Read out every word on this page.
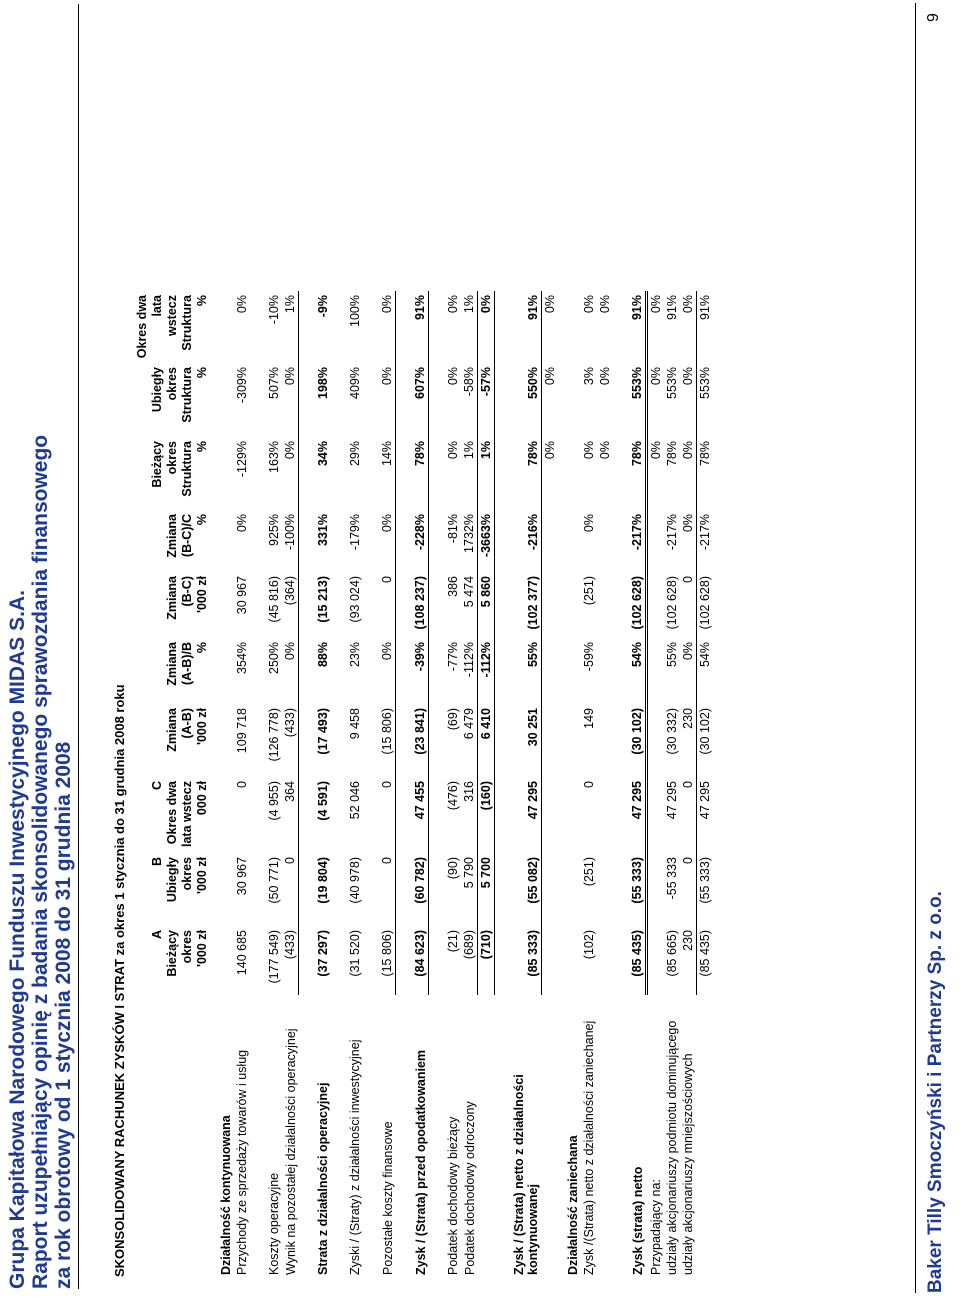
Grupa Kapitałowa Narodowego Funduszu Inwestycyjnego MIDAS S.A. Raport uzupełniający opinię z badania skonsolidowanego sprawozdania finansowego za rok obrotowy od 1 stycznia 2008 do 31 grudnia 2008	SKONSOLIDOWANY RACHUNEK ZYSKÓW I STRAT za okres 1 stycznia do 31 grudnia 2008 roku
	A
Bieżący
okres
'000 zł	B
Ubiegły
okres
'000 zł	C
Okres dwa
lata wstecz
000 zł	Zmiana
(A-B)
'000 zł	Zmiana
(A-B)/B
%	Zmiana
(B-C)
'000 zł	Zmiana
(B-C)/C
%	Bieżący
okres
Struktura
%	Ubiegły
okres
Struktura
%	Okres dwa
lata wstecz
Struktura
%
Działalność kontynuowana										
Przychody ze sprzedaży towarów i usług	140 685	30 967	0	109 718	354%	30 967	0%	-129%	-309%	0%

Koszty operacyjne	(177 549)	(50 771)	(4 955)	(126 778)	250%	(45 816)	925%	163%	507%	-10%
Wynik na pozostałej działalności operacyjnej	(433)	0	364	(433)	0%	(364)	-100%	0%	0%	1%

Strata z działalności operacyjnej	(37 297)	(19 804)	(4 591)	(17 493)	88%	(15 213)	331%	34%	198%	-9%

Zyski / (Straty) z działalności inwestycyjnej	(31 520)	(40 978)	52 046	9 458	23%	(93 024)	-179%	29%	409%	100%

Pozostałe koszty finansowe	(15 806)	0	0	(15 806)	0%	0	0%	14%	0%	0%

Zysk / (Strata) przed opodatkowaniem	(84 623)	(60 782)	47 455	(23 841)	-39%	(108 237)	-228%	78%	607%	91%

Podatek dochodowy bieżący	(21)	(90)	(476)	(69)	-77%	386	-81%	0%	0%	0%
Podatek dochodowy odroczony	(689)	5 790	316	6 479	-112%	5 474	1732%	1%	-58%	1%
	(710)	5 700	(160)	6 410	-112%	5 860	-3663%	1%	-57%	0%

Zysk / (Strata) netto z działalności kontynuowanej	(85 333)	(55 082)	47 295	30 251	55%	(102 377)	-216%	78%	550%	91%
								0%	0%	0%
Działalność zaniechana										
Zysk /(Strata) netto z działalności zaniechanej	(102)	(251)	0	149	-59%	(251)	0%	0%	3%	0%
								0%	0%	0%

Zysk (strata) netto	(85 435)	(55 333)	47 295	(30 102)	54%	(102 628)	-217%	78%	553%	91%
Przypadający na:								0%	0%	0%
udziały akcjonariuszy podmiotu dominującego	(85 665)	-55 333	47 295	(30 332)	55%	(102 628)	-217%	78%	553%	91%
udziały akcjonariuszy mniejszościowych	230	0	0	230	0%	0	0%	0%	0%	0%
	(85 435)	(55 333)	47 295	(30 102)	54%	(102 628)	-217%	78%	553%	91%
Baker Tilly Smoczyński i Partnerzy Sp. z o.o.
9
